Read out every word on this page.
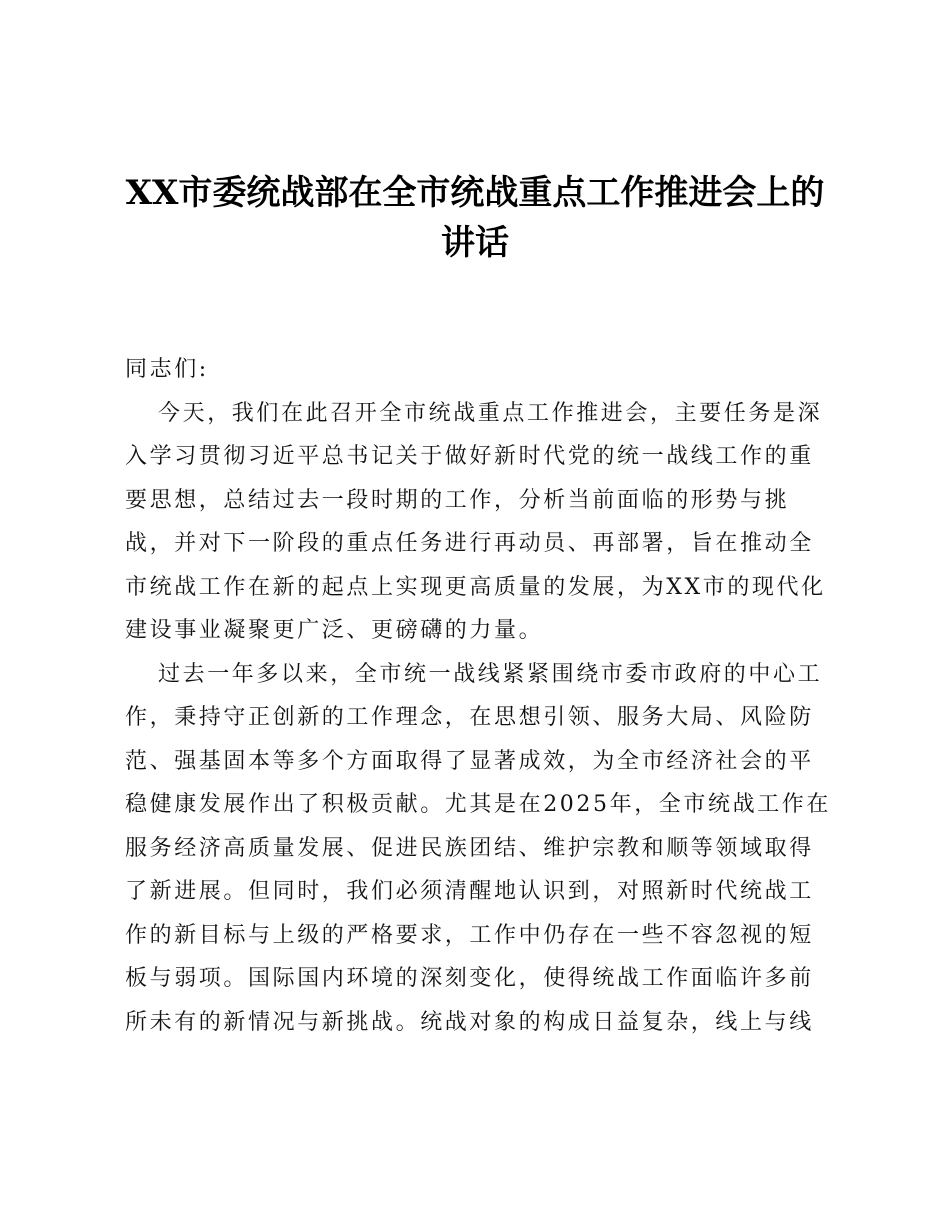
XX市委统战部在全市统战重点工作推进会上的
讲话
同志们:
今天，我们在此召开全市统战重点工作推进会，主要任务是深
入学习贯彻习近平总书记关于做好新时代党的统一战线工作的重
要思想，总结过去一段时期的工作，分析当前面临的形势与挑
战，并对下一阶段的重点任务进行再动员、再部署，旨在推动全
市统战工作在新的起点上实现更高质量的发展，为XX市的现代化
建设事业凝聚更广泛、更磅礴的力量。
过去一年多以来，全市统一战线紧紧围绕市委市政府的中心工
作，秉持守正创新的工作理念，在思想引领、服务大局、风险防
范、强基固本等多个方面取得了显著成效，为全市经济社会的平
稳健康发展作出了积极贡献。尤其是在2025年，全市统战工作在
服务经济高质量发展、促进民族团结、维护宗教和顺等领域取得
了新进展。但同时，我们必须清醒地认识到，对照新时代统战工
作的新目标与上级的严格要求，工作中仍存在一些不容忽视的短
板与弱项。国际国内环境的深刻变化，使得统战工作面临许多前
所未有的新情况与新挑战。统战对象的构成日益复杂，线上与线
